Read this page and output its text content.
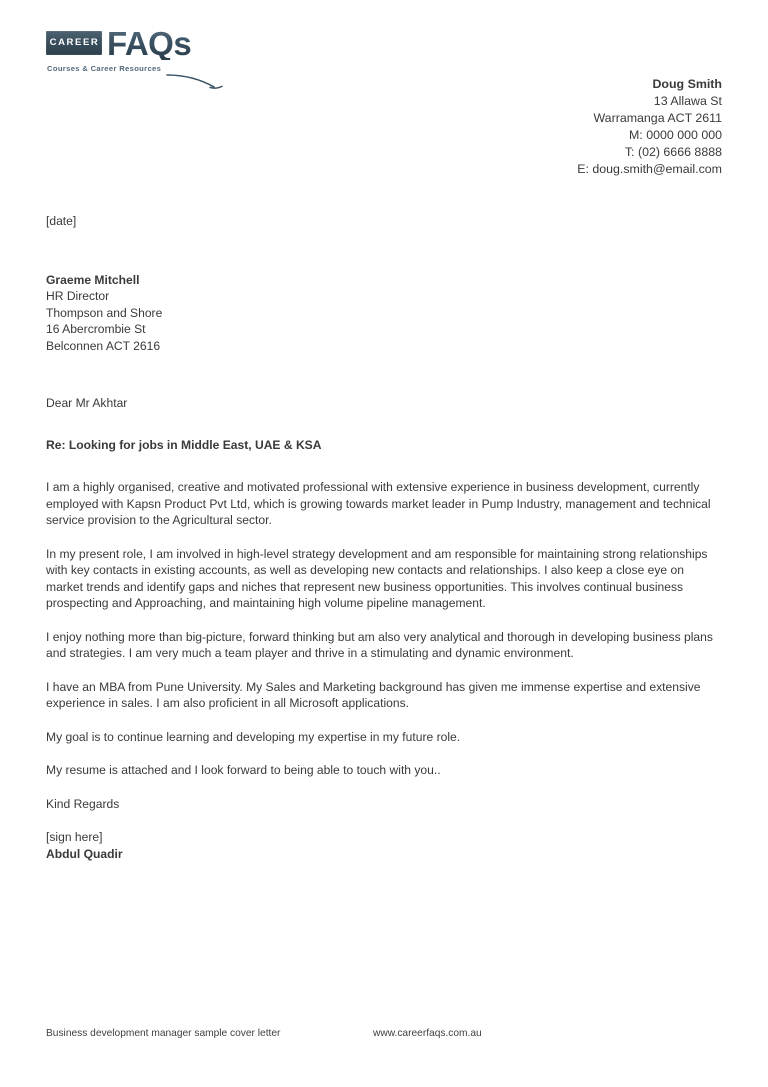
CAREER FAQs
Courses & Career Resources
Doug Smith
13 Allawa St
Warramanga ACT 2611
M: 0000 000 000
T: (02) 6666 8888
E: doug.smith@email.com
[date]
Graeme Mitchell
HR Director
Thompson and Shore
16 Abercrombie St
Belconnen ACT 2616
Dear Mr Akhtar
Re: Looking for jobs in Middle East, UAE & KSA

I am a highly organised, creative and motivated professional with extensive experience in business development, currently employed with Kapsn Product Pvt Ltd, which is growing towards market leader in Pump Industry, management and technical service provision to the Agricultural sector.

In my present role, I am involved in high-level strategy development and am responsible for maintaining strong relationships with key contacts in existing accounts, as well as developing new contacts and relationships. I also keep a close eye on market trends and identify gaps and niches that represent new business opportunities. This involves continual business prospecting and Approaching, and maintaining high volume pipeline management.

I enjoy nothing more than big-picture, forward thinking but am also very analytical and thorough in developing business plans and strategies. I am very much a team player and thrive in a stimulating and dynamic environment.

I have an MBA from Pune University. My Sales and Marketing background has given me immense expertise and extensive experience in sales. I am also proficient in all Microsoft applications.

My goal is to continue learning and developing my expertise in my future role.

My resume is attached and I look forward to being able to touch with you..

Kind Regards
[sign here]
Abdul Quadir
Business development manager sample cover letter	www.careerfaqs.com.au
